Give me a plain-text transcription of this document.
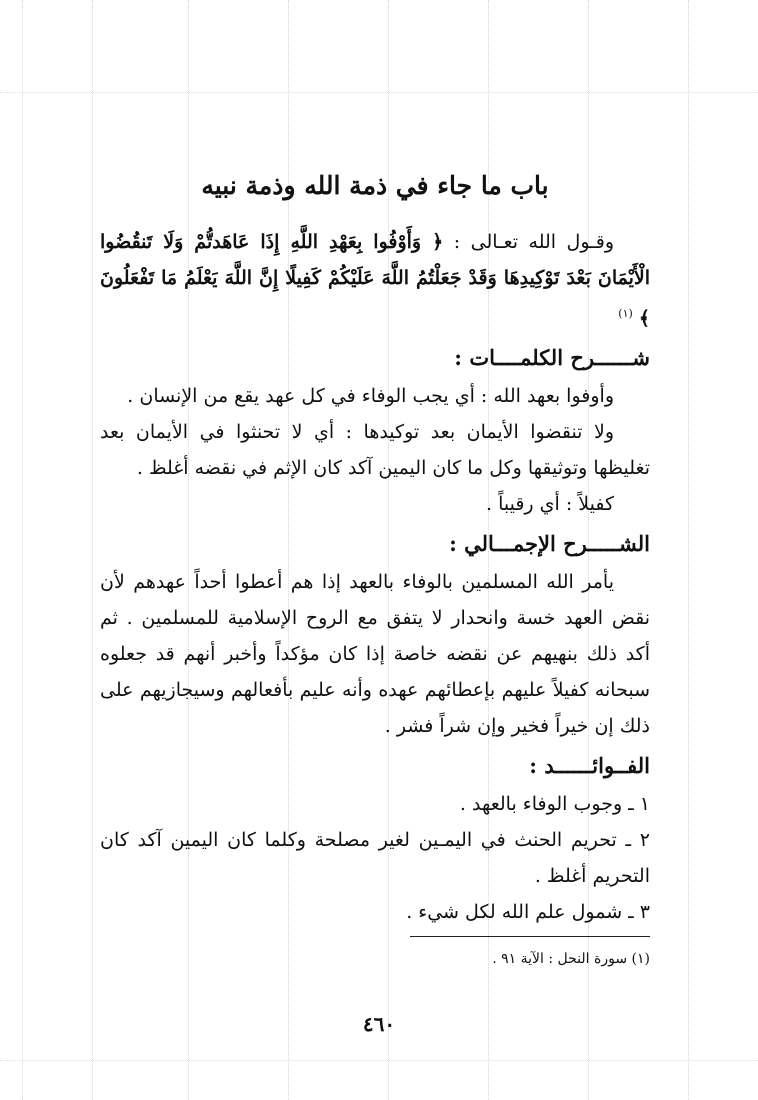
باب ما جاء في ذمة الله وذمة نبيه

وقـول الله تعـالى : ﴿ وَأَوْفُوا بِعَهْدِ اللَّهِ إِذَا عَاهَدتُّمْ وَلَا تَنقُضُوا الْأَيْمَانَ بَعْدَ تَوْكِيدِهَا وَقَدْ جَعَلْتُمُ اللَّهَ عَلَيْكُمْ كَفِيلًا إِنَّ اللَّهَ يَعْلَمُ مَا تَفْعَلُونَ ﴾ $^{(١)}$

شــــــرح الكلمــــات :

وأوفوا بعهد الله : أي يجب الوفاء في كل عهد يقع من الإنسان .

ولا تنقضوا الأيمان بعد توكيدها : أي لا تحنثوا في الأيمان بعد تغليظها وتوثيقها وكل ما كان اليمين آكد كان الإثم في نقضه أغلظ .

كفيلاً : أي رقيباً .

الشـــــرح الإجمـــالي :

يأمر الله المسلمين بالوفاء بالعهد إذا هم أعطوا أحداً عهدهم لأن نقض العهد خسة وانحدار لا يتفق مع الروح الإسلامية للمسلمين . ثم أكد ذلك بنهيهم عن نقضه خاصة إذا كان مؤكداً وأخبر أنهم قد جعلوه سبحانه كفيلاً عليهم بإعطائهم عهده وأنه عليم بأفعالهم وسيجازيهم على ذلك إن خيراً فخير وإن شراً فشر .

الفــوائــــــد :

١ ـ وجوب الوفاء بالعهد .

٢ ـ تحريم الحنث في اليمـين لغير مصلحة وكلما كان اليمين آكد كان التحريم أغلظ .

٣ ـ شمول علم الله لكل شيء .

(١) سورة النحل : الآية ٩١ .
٤٦٠
